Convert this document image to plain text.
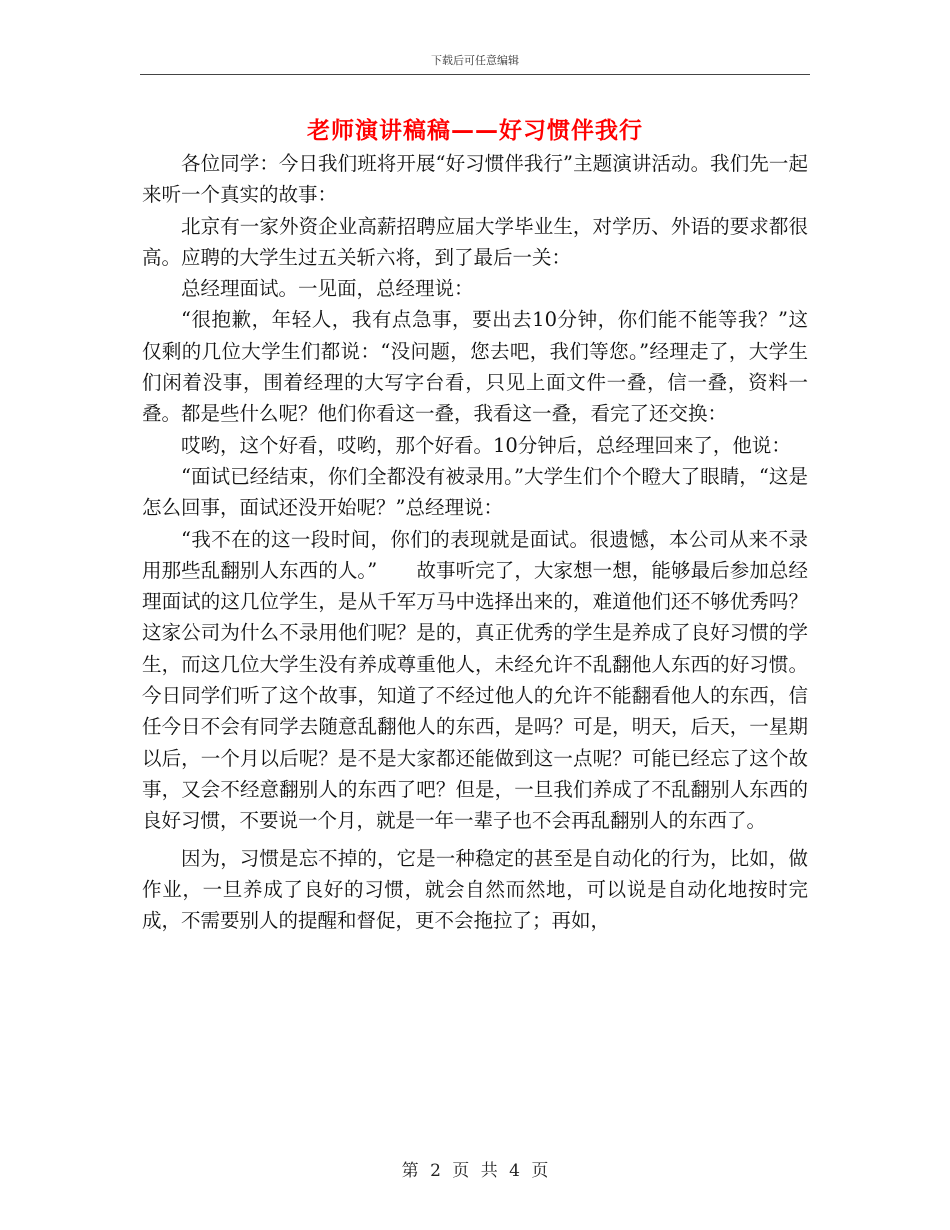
下载后可任意编辑
老师演讲稿稿——好习惯伴我行

各位同学：今日我们班将开展“好习惯伴我行”主题演讲活动。我们先一起来听一个真实的故事：

北京有一家外资企业高薪招聘应届大学毕业生，对学历、外语的要求都很高。应聘的大学生过五关斩六将，到了最后一关：

总经理面试。一见面，总经理说：

“很抱歉，年轻人，我有点急事，要出去10分钟，你们能不能等我？”这仅剩的几位大学生们都说：“没问题，您去吧，我们等您。”经理走了，大学生们闲着没事，围着经理的大写字台看，只见上面文件一叠，信一叠，资料一叠。都是些什么呢？他们你看这一叠，我看这一叠，看完了还交换：

哎哟，这个好看，哎哟，那个好看。10分钟后，总经理回来了，他说：

“面试已经结束，你们全都没有被录用。”大学生们个个瞪大了眼睛，“这是怎么回事，面试还没开始呢？”总经理说：

“我不在的这一段时间，你们的表现就是面试。很遗憾，本公司从来不录用那些乱翻别人东西的人。”　　故事听完了，大家想一想，能够最后参加总经理面试的这几位学生，是从千军万马中选择出来的，难道他们还不够优秀吗？这家公司为什么不录用他们呢？是的，真正优秀的学生是养成了良好习惯的学生，而这几位大学生没有养成尊重他人，未经允许不乱翻他人东西的好习惯。今日同学们听了这个故事，知道了不经过他人的允许不能翻看他人的东西，信任今日不会有同学去随意乱翻他人的东西，是吗？可是，明天，后天，一星期以后，一个月以后呢？是不是大家都还能做到这一点呢？可能已经忘了这个故事，又会不经意翻别人的东西了吧？但是，一旦我们养成了不乱翻别人东西的良好习惯，不要说一个月，就是一年一辈子也不会再乱翻别人的东西了。

因为，习惯是忘不掉的，它是一种稳定的甚至是自动化的行为，比如，做作业，一旦养成了良好的习惯，就会自然而然地，可以说是自动化地按时完成，不需要别人的提醒和督促，更不会拖拉了；再如，

第 2 页 共 4 页
